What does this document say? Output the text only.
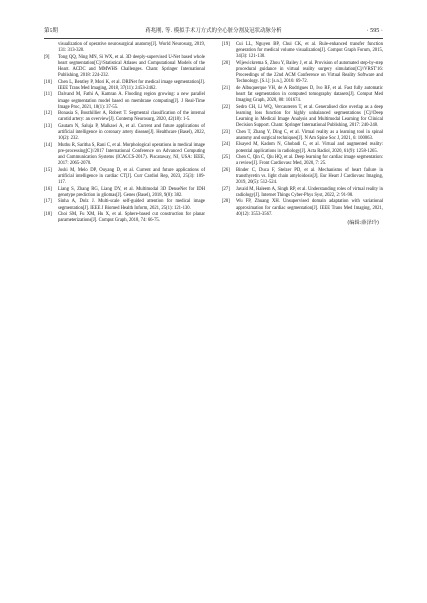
第5期	蒋兆刚, 等. 模拟手术刀方式的全心脏分割及冠状动脉分析	· 595 ·
visualization of operative neurosurgical anatomy[J]. World Neurosurg, 2019, 131: 313-320.
[9] Tong QQ, Ning MN, Si WX, et al. 3D deeply-supervised U-Net based whole heart segmentation[C]//Statistical Atlases and Computational Models of the Heart. ACDC and MMWHS Challenges. Cham: Springer International Publishing, 2018: 224-232.
[10] Chen L, Bentley P, Mori K, et al. DRINet for medical image segmentation[J]. IEEE Trans Med Imaging, 2018, 37(11): 2453-2462.
[11] Dalvand M, Fathi A, Kamran A. Flooding region growing: a new parallel image segmentation model based on membrane computing[J]. J Real-Time Image Proc, 2021, 18(1): 37-55.
[12] Bonasia S, Bouthillier A, Robert T. Segmental classification of the internal carotid artery: an overview[J]. Contemp Neurosurg, 2020, 42(18): 1-5.
[13] Gautam N, Saluja P, Malkawi A, et al. Current and future applications of artificial intelligence in coronary artery disease[J]. Healthcare (Basel), 2022, 10(2): 232.
[14] Muthu R, Saritha S, Rani C, et al. Morphological operations in medical image pre-processing[C]//2017 International Conference on Advanced Computing and Communication Systems (ICACCS-2017). Piscataway, NJ, USA: IEEE, 2017: 2065-2070.
[15] Joshi M, Melo DP, Ouyang D, et al. Current and future applications of artificial intelligence in cardiac CT[J]. Curr Cardiol Rep, 2023, 25(3): 109-117.
[16] Liang S, Zhang RG, Liang DY, et al. Multimodal 3D DenseNet for IDH genotype prediction in gliomas[J]. Genes (Basel), 2018, 9(8): 382.
[17] Sinha A, Dolz J. Multi-scale self-guided attention for medical image segmentation[J]. IEEE J Biomed Health Inform, 2021, 25(1): 121-130.
[18] Choi SM, Fu XM, Hu X, et al. Sphere-based cut construction for planar parameterizations[J]. Comput Graph, 2018, 74: 66-75.
[19] Cui LL, Nguyen BP, Chui CK, et al. Rule-enhanced transfer function generation for medical volume visualization[J]. Comput Graph Forum, 2015, 34(3): 121-130.
[20] Wijewickrema S, Zhou Y, Bailey J, et al. Provision of automated step-by-step procedural guidance in virtual reality surgery simulation[C]//VRST'16: Proceedings of the 22nd ACM Conference on Virtual Reality Software and Technology. [S.l.]: [s.n.], 2016: 69-72.
[21] de Albuquerque VH, de A Rodrigues D, Ivo RF, et al. Fast fully automatic heart fat segmentation in computed tomography datasets[J]. Comput Med Imaging Graph, 2020, 80: 101674.
[22] Sedro CH, Li WQ, Vercauteren T, et al. Generalised dice overlap as a deep learning loss function for highly unbalanced segmentations [C]//Deep Learning in Medical Image Analysis and Multimodal Learning for Clinical Decision Support. Cham: Springer International Publishing, 2017: 240-248.
[23] Chen T, Zhang Y, Ding C, et al. Virtual reality as a learning tool in spinal anatomy and surgical techniques[J]. N Am Spine Soc J, 2021, 6: 100063.
[24] Elsayed M, Kadom N, Ghobadi C, et al. Virtual and augmented reality: potential applications in radiology[J]. Acta Radiol, 2020, 61(9): 1258-1265.
[25] Chen C, Qin C, Qiu HQ, et al. Deep learning for cardiac image segmentation: a review[J]. Front Cardiovasc Med, 2020, 7: 25.
[26] Binder C, Duca F, Stelzer PD, et al. Mechanisms of heart failure in transthyretin vs. light chain amyloidosis[J]. Eur Heart J Cardiovasc Imaging, 2019, 20(5): 512-524.
[27] Javaid M, Haleem A, Singh RP, et al. Understanding roles of virtual reality in radiology[J]. Internet Things Cyber-Phys Syst, 2022, 2: 91-98.
[28] Wu FP, Zhuang XH. Unsupervised domain adaptation with variational approximation for cardiac segmentation[J]. IEEE Trans Med Imaging, 2021, 40(12): 3553-3567.
(编辑:薛泽玲)
